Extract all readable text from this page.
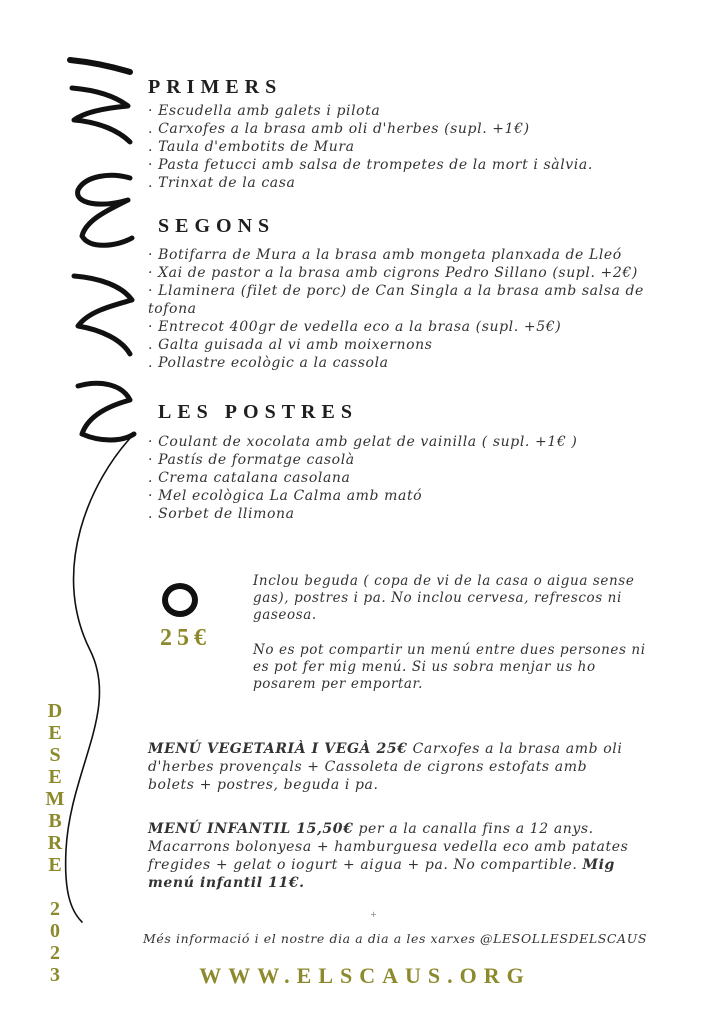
D
E
S
E
M
B
R
E

2
0
2
3
PRIMERS
· Escudella amb galets i pilota
. Carxofes a la brasa amb oli d'herbes (supl. +1€)
. Taula d'embotits de Mura
· Pasta fetucci amb salsa de trompetes de la mort i sàlvia.
. Trinxat de la casa
SEGONS
· Botifarra de Mura a la brasa amb mongeta planxada de Lleó
· Xai de pastor a la brasa amb cigrons Pedro Sillano (supl. +2€)
· Llaminera (filet de porc) de Can Singla a la brasa amb salsa de tofona
· Entrecot 400gr de vedella eco a la brasa (supl. +5€)
. Galta guisada al vi amb moixernons
. Pollastre ecològic a la cassola
LES POSTRES
· Coulant de xocolata amb gelat de vainilla ( supl. +1€ )
· Pastís de formatge casolà
. Crema catalana casolana
· Mel ecològica La Calma amb mató
. Sorbet de llimona
25€

Inclou beguda ( copa de vi de la casa o aigua sense gas), postres i pa. No inclou cervesa, refrescos ni gaseosa.

No es pot compartir un menú entre dues persones ni es pot fer mig menú. Si us sobra menjar us ho posarem per emportar.

MENÚ VEGETARIÀ I VEGÀ 25€ Carxofes a la brasa amb oli d'herbes provençals + Cassoleta de cigrons estofats amb bolets + postres, beguda i pa.

MENÚ INFANTIL 15,50€ per a la canalla fins a 12 anys. Macarrons bolonyesa + hamburguesa vedella eco amb patates fregides + gelat o iogurt + aigua + pa. No compartible. Mig menú infantil 11€.

+
Més informació i el nostre dia a dia a les xarxes @LESOLLESDELSCAUS
WWW.ELSCAUS.ORG
